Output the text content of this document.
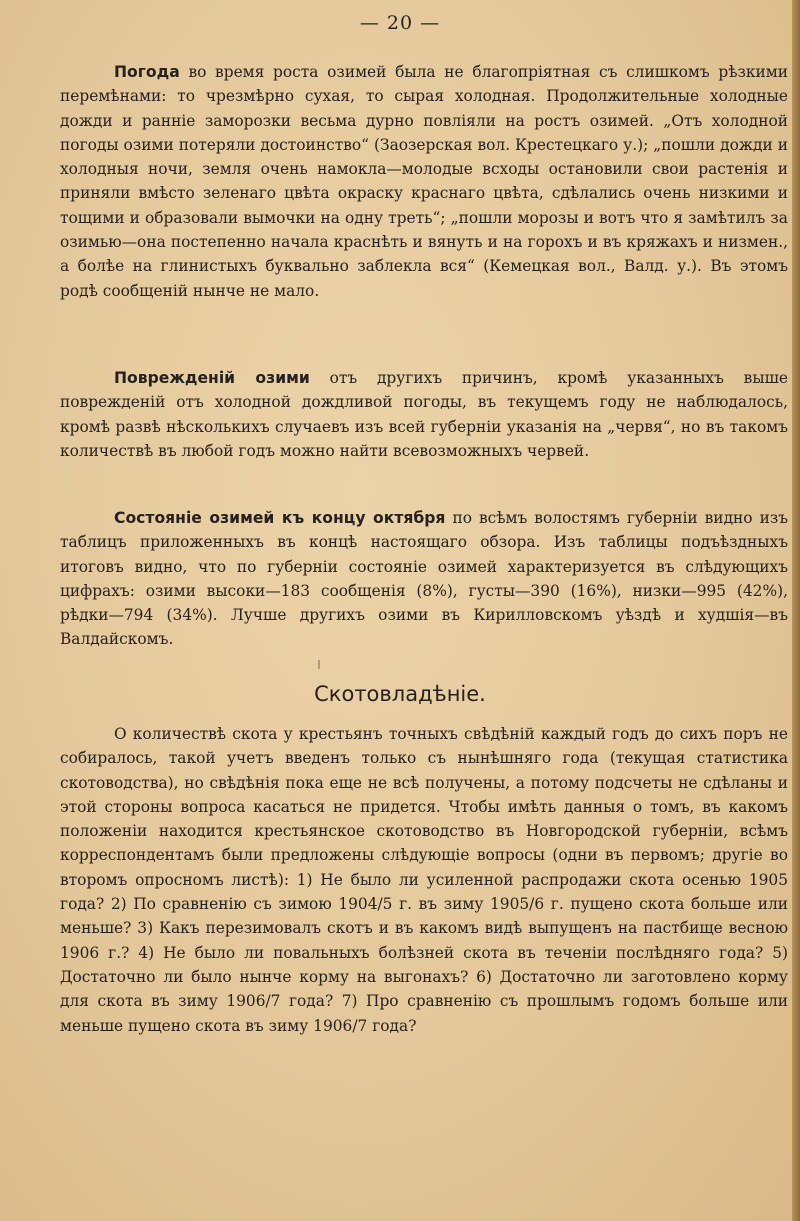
— 20 —

Погода во время роста озимей была не благопріятная съ слишкомъ рѣзкими перемѣнами: то чрезмѣрно сухая, то сырая холодная. Продолжительные холодные дожди и ранніе заморозки весьма дурно повліяли на ростъ озимей. „Отъ холодной погоды озими потеряли достоинство“ (Заозерская вол. Крестецкаго у.); „пошли дожди и холодныя ночи, земля очень намокла—молодые всходы остановили свои растенія и приняли вмѣсто зеленаго цвѣта окраску краснаго цвѣта, сдѣлались очень низкими и тощими и образовали вымочки на одну треть“; „пошли морозы и вотъ что я замѣтилъ за озимью—она постепенно начала краснѣть и вянуть и на горохъ и въ кряжахъ и низмен., а болѣе на глинистыхъ буквально заблекла вся“ (Кемецкая вол., Валд. у.). Въ этомъ родѣ сообщеній нынче не мало.

Поврежденій озими отъ другихъ причинъ, кромѣ указанныхъ выше поврежденій отъ холодной дождливой погоды, въ текущемъ году не наблюдалось, кромѣ развѣ нѣсколькихъ случаевъ изъ всей губерніи указанія на „червя“, но въ такомъ количествѣ въ любой годъ можно найти всевозможныхъ червей.

Состояніе озимей къ концу октября по всѣмъ волостямъ губерніи видно изъ таблицъ приложенныхъ въ концѣ настоящаго обзора. Изъ таблицы подъѣздныхъ итоговъ видно, что по губерніи состояніе озимей характеризуется въ слѣдующихъ цифрахъ: озими высоки—183 сообщенія (8%), густы—390 (16%), низки—995 (42%), рѣдки—794 (34%). Лучше другихъ озими въ Кирилловскомъ уѣздѣ и худшія—въ Валдайскомъ.

Скотовладѣніе.

О количествѣ скота у крестьянъ точныхъ свѣдѣній каждый годъ до сихъ поръ не собиралось, такой учетъ введенъ только съ нынѣшняго года (текущая статистика скотоводства), но свѣдѣнія пока еще не всѣ получены, а потому подсчеты не сдѣланы и этой стороны вопроса касаться не придется. Чтобы имѣть данныя о томъ, въ какомъ положеніи находится крестьянское скотоводство въ Новгородской губерніи, всѣмъ корреспондентамъ были предложены слѣдующіе вопросы (одни въ первомъ; другіе во второмъ опросномъ листѣ): 1) Не было ли усиленной распродажи скота осенью 1905 года? 2) По сравненію съ зимою 1904/5 г. въ зиму 1905/6 г. пущено скота больше или меньше? 3) Какъ перезимовалъ скотъ и въ какомъ видѣ выпущенъ на пастбище весною 1906 г.? 4) Не было ли повальныхъ болѣзней скота въ теченіи послѣдняго года? 5) Достаточно ли было нынче корму на выгонахъ? 6) Достаточно ли заготовлено корму для скота въ зиму 1906/7 года? 7) Про сравненію съ прошлымъ годомъ больше или меньше пущено скота въ зиму 1906/7 года?
